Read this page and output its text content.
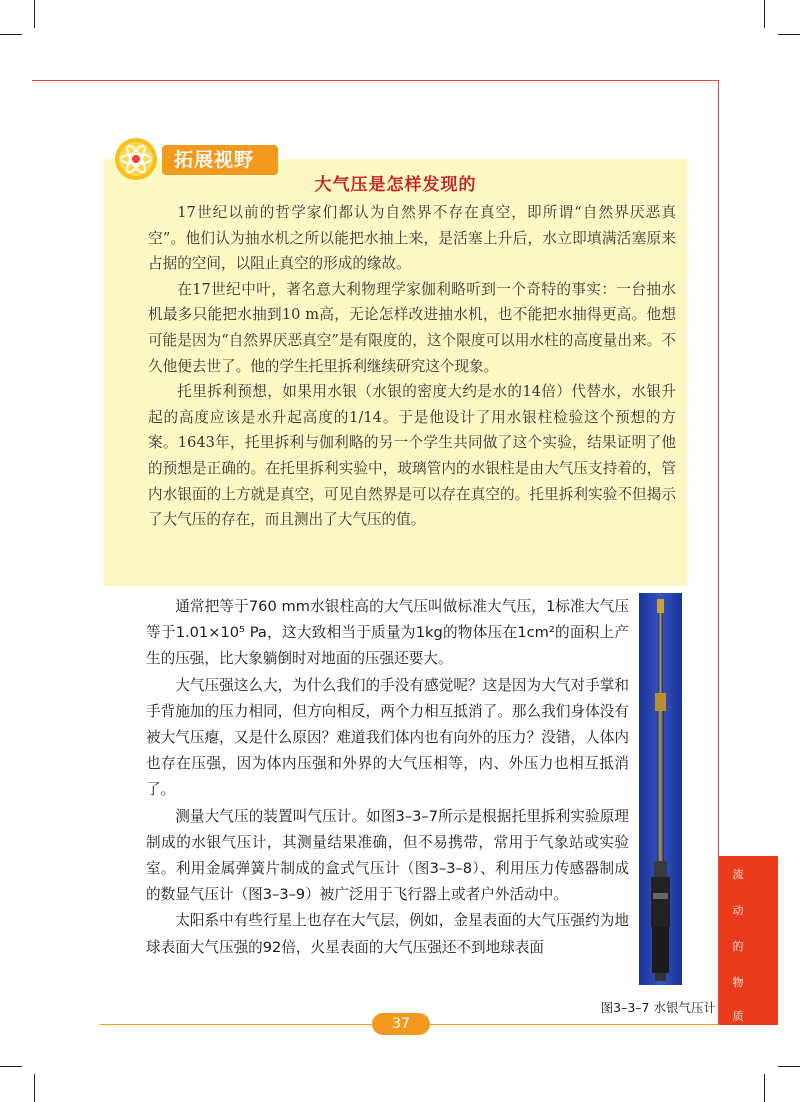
拓展视野
大气压是怎样发现的

17世纪以前的哲学家们都认为自然界不存在真空，即所谓“自然界厌恶真空”。他们认为抽水机之所以能把水抽上来，是活塞上升后，水立即填满活塞原来占据的空间，以阻止真空的形成的缘故。

在17世纪中叶，著名意大利物理学家伽利略听到一个奇特的事实：一台抽水机最多只能把水抽到10 m高，无论怎样改进抽水机，也不能把水抽得更高。他想可能是因为“自然界厌恶真空”是有限度的，这个限度可以用水柱的高度量出来。不久他便去世了。他的学生托里拆利继续研究这个现象。

托里拆利预想，如果用水银（水银的密度大约是水的14倍）代替水，水银升起的高度应该是水升起高度的1/14。于是他设计了用水银柱检验这个预想的方案。1643年，托里拆利与伽利略的另一个学生共同做了这个实验，结果证明了他的预想是正确的。在托里拆利实验中，玻璃管内的水银柱是由大气压支持着的，管内水银面的上方就是真空，可见自然界是可以存在真空的。托里拆利实验不但揭示了大气压的存在，而且测出了大气压的值。

通常把等于760 mm水银柱高的大气压叫做标准大气压，1标准大气压等于1.01×10⁵ Pa，这大致相当于质量为1kg的物体压在1cm²的面积上产生的压强，比大象躺倒时对地面的压强还要大。

大气压强这么大，为什么我们的手没有感觉呢？这是因为大气对手掌和手背施加的压力相同，但方向相反，两个力相互抵消了。那么我们身体没有被大气压瘪，又是什么原因？难道我们体内也有向外的压力？没错，人体内也存在压强，因为体内压强和外界的大气压相等，内、外压力也相互抵消了。

测量大气压的装置叫气压计。如图3–3–7所示是根据托里拆利实验原理制成的水银气压计，其测量结果准确，但不易携带，常用于气象站或实验室。利用金属弹簧片制成的盒式气压计（图3–3–8）、利用压力传感器制成的数显气压计（图3–3–9）被广泛用于飞行器上或者户外活动中。

太阳系中有些行星上也存在大气层，例如，金星表面的大气压强约为地球表面大气压强的92倍，火星表面的大气压强还不到地球表面

图3–3–7 水银气压计
流
动
的
物
质
37
